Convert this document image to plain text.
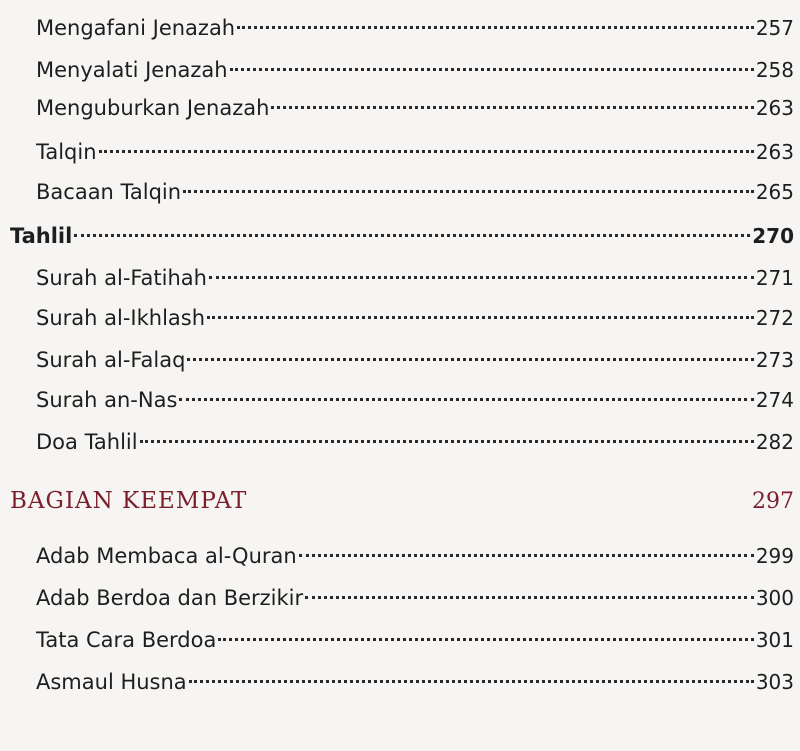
Mengafani Jenazah	257
Menyalati Jenazah	258
Menguburkan Jenazah	263
Talqin	263
Bacaan Talqin	265
Tahlil	270
Surah al-Fatihah	271
Surah al-Ikhlash	272
Surah al-Falaq	273
Surah an-Nas	274
Doa Tahlil	282
BAGIAN KEEMPAT	297
Adab Membaca al-Quran	299
Adab Berdoa dan Berzikir	300
Tata Cara Berdoa	301
Asmaul Husna	303
